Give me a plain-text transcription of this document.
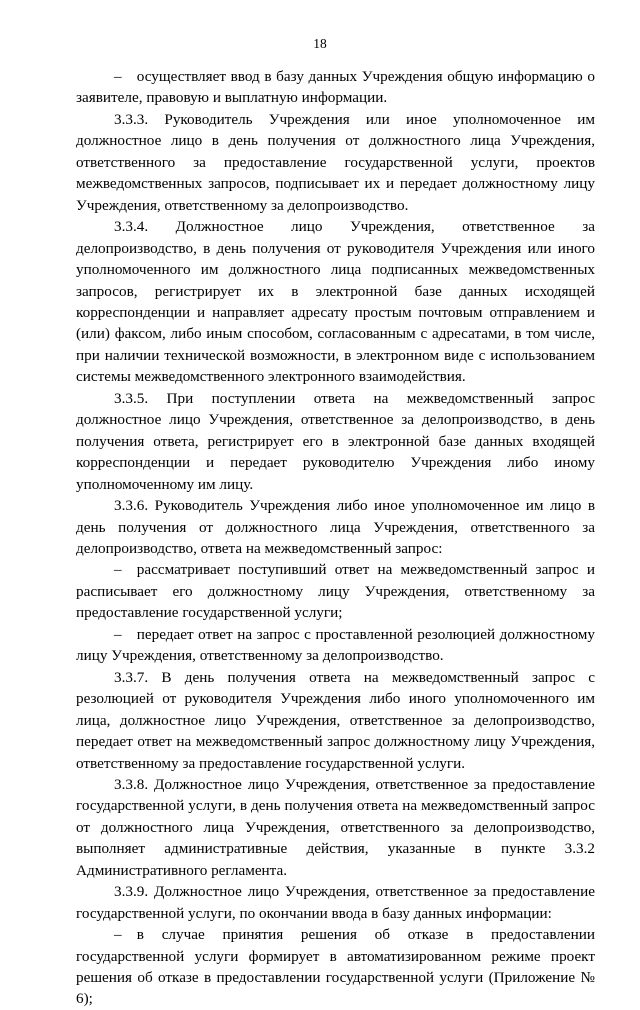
18

– осуществляет ввод в базу данных Учреждения общую информацию о заявителе, правовую и выплатную информации.

3.3.3. Руководитель Учреждения или иное уполномоченное им должностное лицо в день получения от должностного лица Учреждения, ответственного за предоставление государственной услуги, проектов межведомственных запросов, подписывает их и передает должностному лицу Учреждения, ответственному за делопроизводство.

3.3.4. Должностное лицо Учреждения, ответственное за делопроизводство, в день получения от руководителя Учреждения или иного уполномоченного им должностного лица подписанных межведомственных запросов, регистрирует их в электронной базе данных исходящей корреспонденции и направляет адресату простым почтовым отправлением и (или) факсом, либо иным способом, согласованным с адресатами, в том числе, при наличии технической возможности, в электронном виде с использованием системы межведомственного электронного взаимодействия.

3.3.5. При поступлении ответа на межведомственный запрос должностное лицо Учреждения, ответственное за делопроизводство, в день получения ответа, регистрирует его в электронной базе данных входящей корреспонденции и передает руководителю Учреждения либо иному уполномоченному им лицу.

3.3.6. Руководитель Учреждения либо иное уполномоченное им лицо в день получения от должностного лица Учреждения, ответственного за делопроизводство, ответа на межведомственный запрос:

– рассматривает поступивший ответ на межведомственный запрос и расписывает его должностному лицу Учреждения, ответственному за предоставление государственной услуги;

– передает ответ на запрос с проставленной резолюцией должностному лицу Учреждения, ответственному за делопроизводство.

3.3.7. В день получения ответа на межведомственный запрос с резолюцией от руководителя Учреждения либо иного уполномоченного им лица, должностное лицо Учреждения, ответственное за делопроизводство, передает ответ на межведомственный запрос должностному лицу Учреждения, ответственному за предоставление государственной услуги.

3.3.8. Должностное лицо Учреждения, ответственное за предоставление государственной услуги, в день получения ответа на межведомственный запрос от должностного лица Учреждения, ответственного за делопроизводство, выполняет административные действия, указанные в пункте 3.3.2 Административного регламента.

3.3.9. Должностное лицо Учреждения, ответственное за предоставление государственной услуги, по окончании ввода в базу данных информации:

– в случае принятия решения об отказе в предоставлении государственной услуги формирует в автоматизированном режиме проект решения об отказе в предоставлении государственной услуги (Приложение № 6);
